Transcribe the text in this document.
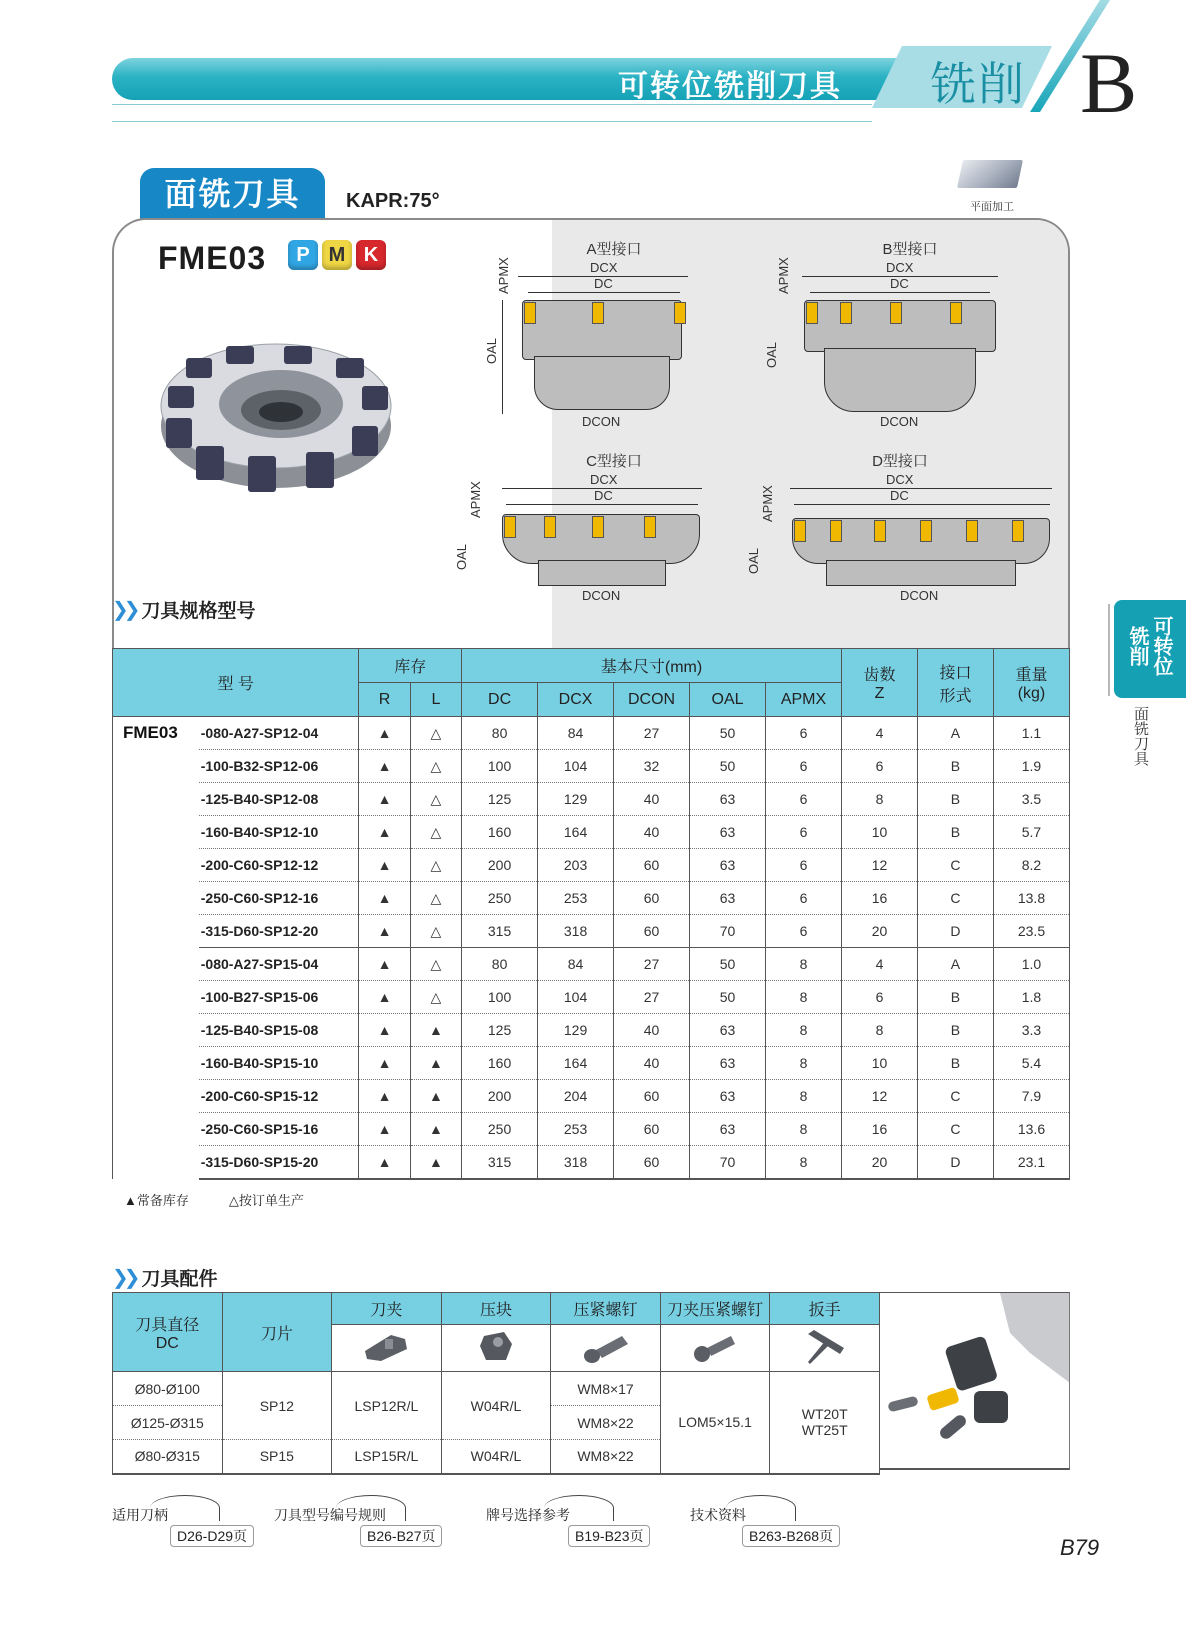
可转位铣削刀具 铣削 B
面铣刀具	KAPR:75°	平面加工
FME03	P M K	A型接口
DCX
DC
APMX
OAL
DCON
B型接口
DCX
DC
APMX
OAL
DCON
C型接口
DCX
DC
APMX
OAL
DCON
D型接口
DCX
DC
APMX
OAL
DCON
❯❯ 刀具规格型号
型 号		库存		基本尺寸(mm)					齿数
Z	接口
形式	重量
(kg)
		R	L	DC	DCX	DCON	OAL	APMX			
FME03	-080-A27-SP12-04	▲	△	80	84	27	50	6	4	A	1.1
	-100-B32-SP12-06	▲	△	100	104	32	50	6	6	B	1.9
	-125-B40-SP12-08	▲	△	125	129	40	63	6	8	B	3.5
	-160-B40-SP12-10	▲	△	160	164	40	63	6	10	B	5.7
	-200-C60-SP12-12	▲	△	200	203	60	63	6	12	C	8.2
	-250-C60-SP12-16	▲	△	250	253	60	63	6	16	C	13.8
	-315-D60-SP12-20	▲	△	315	318	60	70	6	20	D	23.5
	-080-A27-SP15-04	▲	△	80	84	27	50	8	4	A	1.0
	-100-B27-SP15-06	▲	△	100	104	27	50	8	6	B	1.8
	-125-B40-SP15-08	▲	▲	125	129	40	63	8	8	B	3.3
	-160-B40-SP15-10	▲	▲	160	164	40	63	8	10	B	5.4
	-200-C60-SP15-12	▲	▲	200	204	60	63	8	12	C	7.9
	-250-C60-SP15-16	▲	▲	250	253	60	63	8	16	C	13.6
	-315-D60-SP15-20	▲	▲	315	318	60	70	8	20	D	23.1
▲常备库存	△按订单生产
铣削 可转位
面铣刀具
❯❯ 刀具配件
刀具直径
DC	刀片	刀夹	压块	压紧螺钉	刀夹压紧螺钉	扳手

Ø80-Ø100	SP12	LSP12R/L	W04R/L	WM8×17	LOM5×15.1	WT20T
WT25T
Ø125-Ø315				WM8×22		
Ø80-Ø315	SP15	LSP15R/L	W04R/L	WM8×22		
适用刀柄
D26-D29页
刀具型号编号规则
B26-B27页
牌号选择参考
B19-B23页
技术资料
B263-B268页	B79
